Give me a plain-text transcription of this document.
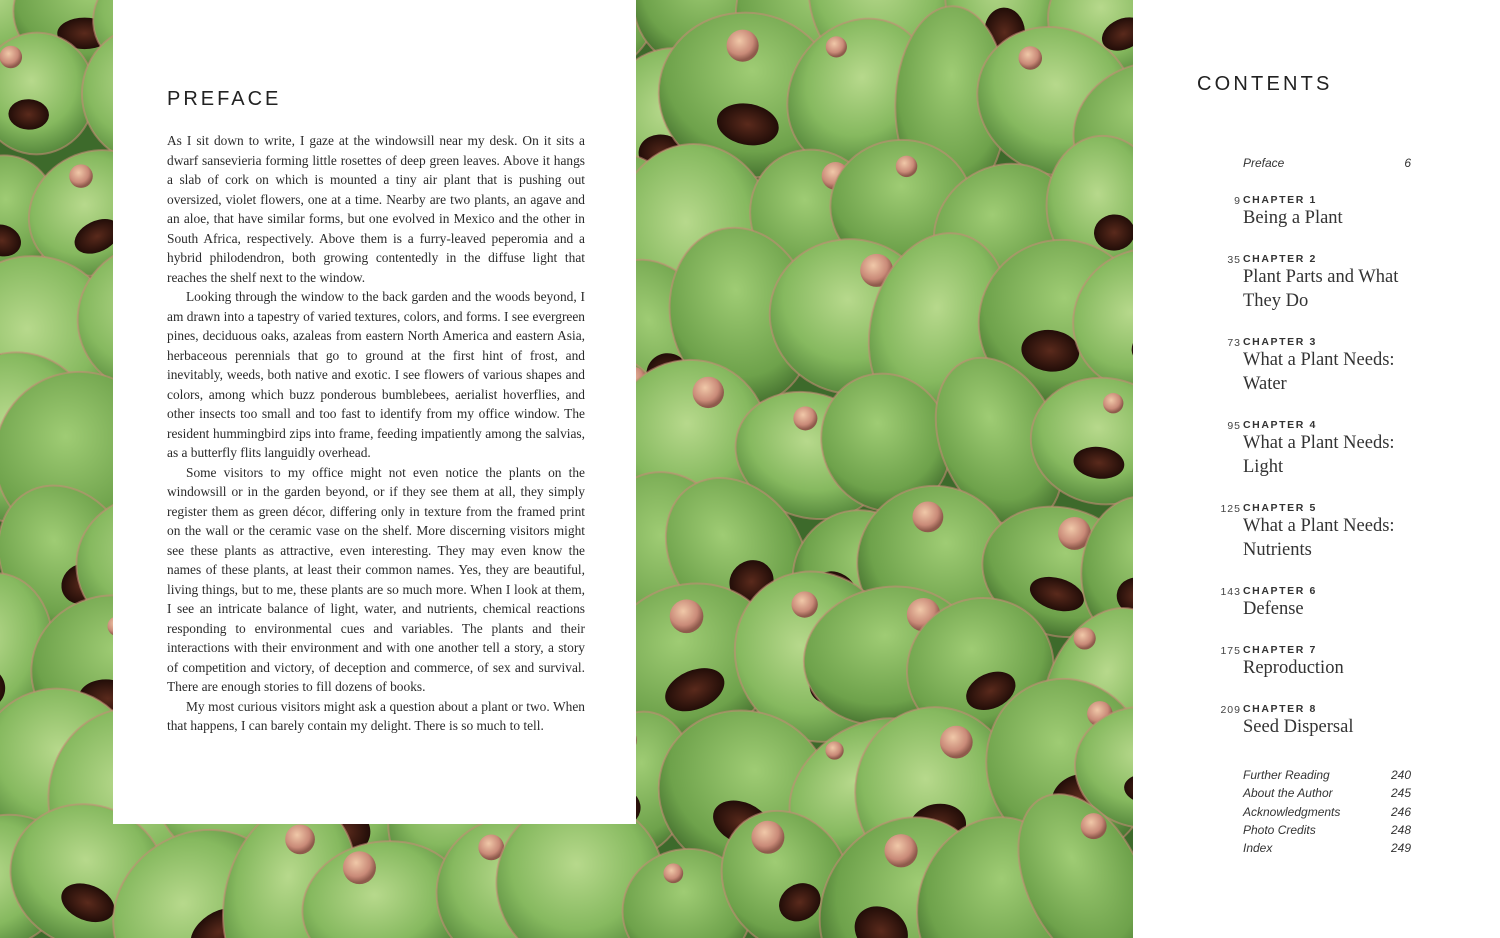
PREFACE

As I sit down to write, I gaze at the windowsill near my desk. On it sits a dwarf sansevieria forming little rosettes of deep green leaves. Above it hangs a slab of cork on which is mounted a tiny air plant that is pushing out oversized, violet flowers, one at a time. Nearby are two plants, an agave and an aloe, that have similar forms, but one evolved in Mexico and the other in South Africa, respectively. Above them is a furry-leaved peperomia and a hybrid philodendron, both growing contentedly in the diffuse light that reaches the shelf next to the window.

Looking through the window to the back garden and the woods beyond, I am drawn into a tapestry of varied textures, colors, and forms. I see evergreen pines, deciduous oaks, azaleas from eastern North America and eastern Asia, herbaceous perennials that go to ground at the first hint of frost, and inevitably, weeds, both native and exotic. I see flowers of various shapes and colors, among which buzz ponderous bumblebees, aerialist hoverflies, and other insects too small and too fast to identify from my office window. The resident hummingbird zips into frame, feeding impatiently among the salvias, as a butterfly flits languidly overhead.

Some visitors to my office might not even notice the plants on the windowsill or in the garden beyond, or if they see them at all, they simply register them as green décor, differing only in texture from the framed print on the wall or the ceramic vase on the shelf. More discerning visitors might see these plants as attractive, even interesting. They may even know the names of these plants, at least their common names. Yes, they are beautiful, living things, but to me, these plants are so much more. When I look at them, I see an intricate balance of light, water, and nutrients, chemical reactions responding to environmental cues and variables. The plants and their interactions with their environment and with one another tell a story, a story of competition and victory, of deception and commerce, of sex and survival. There are enough stories to fill dozens of books.

My most curious visitors might ask a question about a plant or two. When that happens, I can barely contain my delight. There is so much to tell.

CONTENTS
Preface	6
9 CHAPTER 1
Being a Plant
35 CHAPTER 2
Plant Parts and What They Do
73 CHAPTER 3
What a Plant Needs: Water
95 CHAPTER 4
What a Plant Needs: Light
125 CHAPTER 5
What a Plant Needs: Nutrients
143 CHAPTER 6
Defense
175 CHAPTER 7
Reproduction
209 CHAPTER 8
Seed Dispersal
Further Reading	240
About the Author	245
Acknowledgments	246
Photo Credits	248
Index	249
